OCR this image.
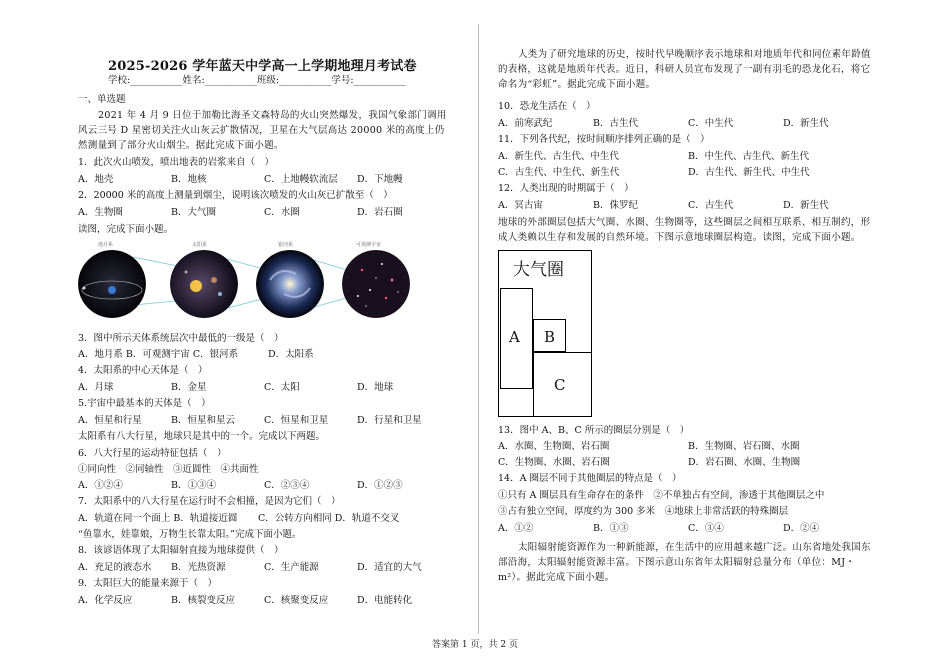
2025-2026 学年蓝天中学高一上学期地理月考试卷
学校:___________姓名:___________班级:___________学号:___________
一、单选题
2021 年 4 月 9 日位于加勒比海圣文森特岛的火山突然爆发，我国气象部门调用风云三号 D 星密切关注火山灰云扩散情况，卫星在大气层高达 20000 米的高度上仍然测量到了部分火山烟尘。据此完成下面小题。
1．此次火山喷发，喷出地表的岩浆来自（　）
A．地壳	B．地核	C．上地幔软流层	D．下地幔
2．20000 米的高度上测量到烟尘，说明该次喷发的火山灰已扩散至（　）
A．生物圈	B．大气圈	C．水圈	D．岩石圈
读图，完成下面小题。
地月系	太阳系	银河系	可观测宇宙
3．图中所示天体系统层次中最低的一级是（　）
A．地月系 B．可观测宇宙 C．银河系	D．太阳系
4．太阳系的中心天体是（　）
A．月球	B．金星	C．太阳	D．地球
5.宇宙中最基本的天体是（　）
A．恒星和行星	B．恒星和星云	C．恒星和卫星	D．行星和卫星
太阳系有八大行星，地球只是其中的一个。完成以下两题。
6．八大行星的运动特征包括（　）
①同向性　②同轴性　③近圆性　④共面性
A．①②④	B．①③④	C．②③④	D．①②③
7．太阳系中的八大行星在运行时不会相撞，是因为它们（　）
A．轨道在同一个面上 B．轨道接近圆	C．公转方向相同 D．轨道不交叉
“鱼靠水，娃靠娘，万物生长靠太阳。”完成下面小题。
8．该谚语体现了太阳辐射直接为地球提供（　）
A．充足的液态水	B．光热资源	C．生产能源	D．适宜的大气
9．太阳巨大的能量来源于（　）
A．化学反应	B．核裂变反应	C．核聚变反应	D．电能转化
人类为了研究地球的历史，按时代早晚顺序表示地球和对地质年代和同位素年龄值的表格，这就是地质年代表。近日，科研人员宣布发现了一副有羽毛的恐龙化石，将它命名为“彩虹”。据此完成下面小题。
10．恐龙生活在（　）
A．前寒武纪	B．古生代	C．中生代	D．新生代
11．下列各代纪，按时间顺序排列正确的是（　）
A．新生代、古生代、中生代	B．中生代、古生代、新生代
C．古生代、中生代、新生代	D．古生代、新生代、中生代
12．人类出现的时期属于（　）
A．冥古宙	B．侏罗纪	C．古生代	D．新生代
地球的外部圈层包括大气圈、水圈、生物圈等，这些圈层之间相互联系、相互制约，形成人类赖以生存和发展的自然环境。下图示意地球圈层构造。读图，完成下面小题。
大气圈
A B
C
13．图中 A、B、C 所示的圈层分别是（　）
A．水圈、生物圈、岩石圈	B．生物圈、岩石圈、水圈
C．生物圈、水圈、岩石圈	D．岩石圈、水圈、生物圈
14．A 圈层不同于其他圈层的特点是（　）
①只有 A 圈层具有生命存在的条件　②不单独占有空间，渗透于其他圈层之中
③占有独立空间，厚度约为 300 多米　④地球上非常活跃的特殊圈层
A．①②	B．①③	C．③④	D．②④
太阳辐射能资源作为一种新能源，在生活中的应用越来越广泛。山东省地处我国东部沿海，太阳辐射能资源丰富。下图示意山东省年太阳辐射总量分布（单位：MJ・m²）。据此完成下面小题。
答案第 1 页，共 2 页
